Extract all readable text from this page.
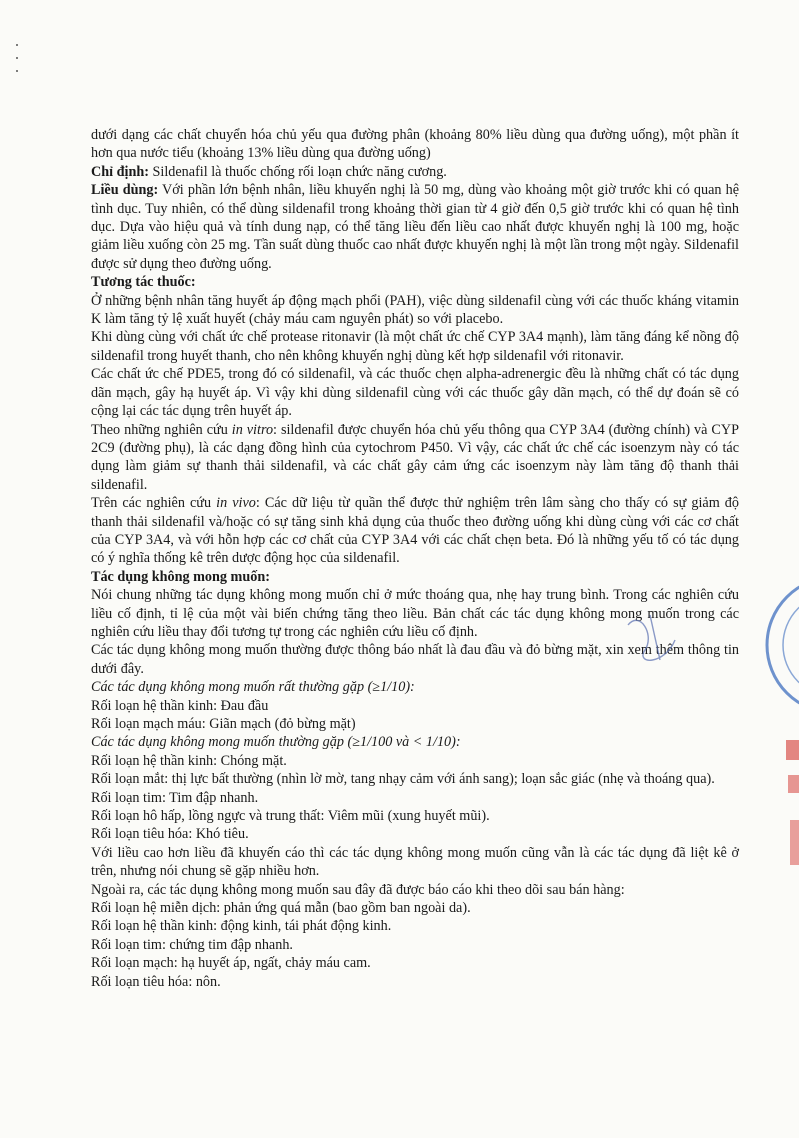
dưới dạng các chất chuyển hóa chủ yếu qua đường phân (khoảng 80% liều dùng qua đường uống), một phần ít hơn qua nước tiểu (khoảng 13% liều dùng qua đường uống)

Chỉ định: Sildenafil là thuốc chống rối loạn chức năng cương.

Liều dùng: Với phần lớn bệnh nhân, liều khuyến nghị là 50 mg, dùng vào khoảng một giờ trước khi có quan hệ tình dục. Tuy nhiên, có thể dùng sildenafil trong khoảng thời gian từ 4 giờ đến 0,5 giờ trước khi có quan hệ tình dục. Dựa vào hiệu quả và tính dung nạp, có thể tăng liều đến liều cao nhất được khuyến nghị là 100 mg, hoặc giảm liều xuống còn 25 mg. Tần suất dùng thuốc cao nhất được khuyến nghị là một lần trong một ngày. Sildenafil được sử dụng theo đường uống.

Tương tác thuốc:

Ở những bệnh nhân tăng huyết áp động mạch phổi (PAH), việc dùng sildenafil cùng với các thuốc kháng vitamin K làm tăng tỷ lệ xuất huyết (chảy máu cam nguyên phát) so với placebo.

Khi dùng cùng với chất ức chế protease ritonavir (là một chất ức chế CYP 3A4 mạnh), làm tăng đáng kể nồng độ sildenafil trong huyết thanh, cho nên không khuyến nghị dùng kết hợp sildenafil với ritonavir.

Các chất ức chế PDE5, trong đó có sildenafil, và các thuốc chẹn alpha-adrenergic đều là những chất có tác dụng dãn mạch, gây hạ huyết áp. Vì vậy khi dùng sildenafil cùng với các thuốc gây dãn mạch, có thể dự đoán sẽ có cộng lại các tác dụng trên huyết áp.

Theo những nghiên cứu in vitro: sildenafil được chuyển hóa chủ yếu thông qua CYP 3A4 (đường chính) và CYP 2C9 (đường phụ), là các dạng đồng hình của cytochrom P450. Vì vậy, các chất ức chế các isoenzym này có tác dụng làm giảm sự thanh thải sildenafil, và các chất gây cảm ứng các isoenzym này làm tăng độ thanh thải sildenafil.

Trên các nghiên cứu in vivo: Các dữ liệu từ quần thể được thử nghiệm trên lâm sàng cho thấy có sự giảm độ thanh thải sildenafil và/hoặc có sự tăng sinh khả dụng của thuốc theo đường uống khi dùng cùng với các cơ chất của CYP 3A4, và với hỗn hợp các cơ chất của CYP 3A4 với các chất chẹn beta. Đó là những yếu tố có tác dụng có ý nghĩa thống kê trên dược động học của sildenafil.

Tác dụng không mong muốn:

Nói chung những tác dụng không mong muốn chỉ ở mức thoáng qua, nhẹ hay trung bình. Trong các nghiên cứu liều cố định, tỉ lệ của một vài biến chứng tăng theo liều. Bản chất các tác dụng không mong muốn trong các nghiên cứu liều thay đổi tương tự trong các nghiên cứu liều cố định.

Các tác dụng không mong muốn thường được thông báo nhất là đau đầu và đỏ bừng mặt, xin xem thêm thông tin dưới đây.

Các tác dụng không mong muốn rất thường gặp (≥1/10):

Rối loạn hệ thần kinh: Đau đầu

Rối loạn mạch máu: Giãn mạch (đỏ bừng mặt)

Các tác dụng không mong muốn thường gặp (≥1/100 và < 1/10):

Rối loạn hệ thần kinh: Chóng mặt.

Rối loạn mắt: thị lực bất thường (nhìn lờ mờ, tang nhạy cảm với ánh sang); loạn sắc giác (nhẹ và thoáng qua).

Rối loạn tim: Tim đập nhanh.

Rối loạn hô hấp, lồng ngực và trung thất: Viêm mũi (xung huyết mũi).

Rối loạn tiêu hóa: Khó tiêu.

Với liều cao hơn liều đã khuyến cáo thì các tác dụng không mong muốn cũng vẫn là các tác dụng đã liệt kê ở trên, nhưng nói chung sẽ gặp nhiều hơn.

Ngoài ra, các tác dụng không mong muốn sau đây đã được báo cáo khi theo dõi sau bán hàng:

Rối loạn hệ miễn dịch: phản ứng quá mẫn (bao gồm ban ngoài da).

Rối loạn hệ thần kinh: động kinh, tái phát động kinh.

Rối loạn tim: chứng tim đập nhanh.

Rối loạn mạch: hạ huyết áp, ngất, chảy máu cam.

Rối loạn tiêu hóa: nôn.
